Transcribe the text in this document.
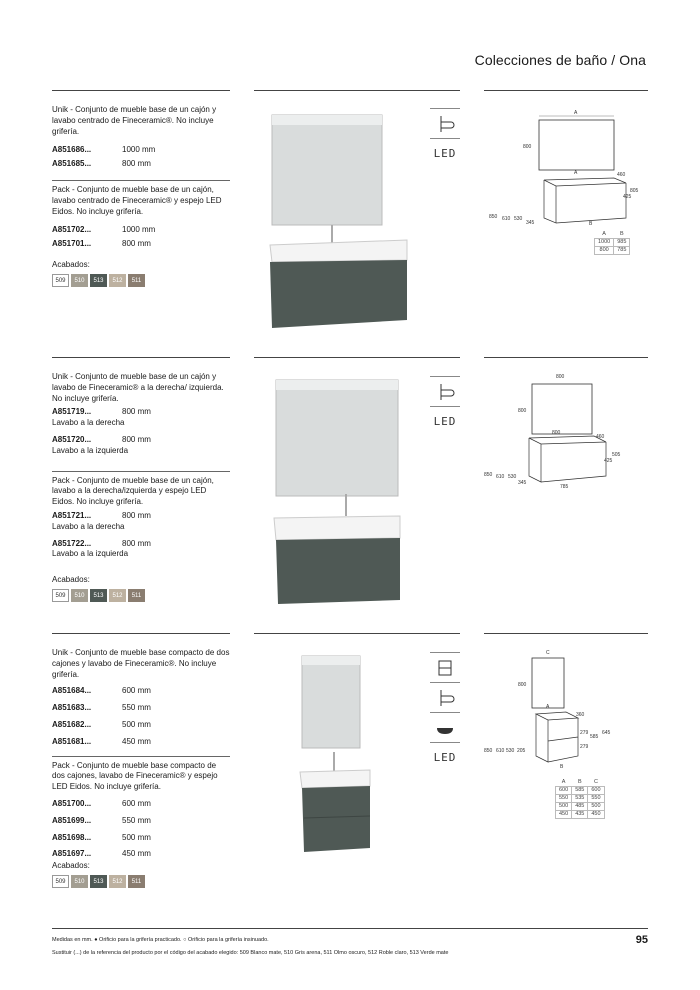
Colecciones de baño / Ona
Unik - Conjunto de mueble base de un cajón y lavabo centrado de Fineceramic®. No incluye grifería.
A851686...	1000 mm
A851685...	800 mm
Pack - Conjunto de mueble base de un cajón, lavabo centrado de Fineceramic® y espejo LED Eidos. No incluye grifería.
A851702...	1000 mm
A851701...	800 mm
Acabados:
509	510	513	512	511
LED
A
800
A	460
805
425
850 610 530
345	B
A	B
1000	985
800	785
Unik - Conjunto de mueble base de un cajón y lavabo de Fineceramic® a la derecha/ izquierda. No incluye grifería.
A851719...	800 mm
Lavabo a la derecha
A851720...	800 mm
Lavabo a la izquierda
Pack - Conjunto de mueble base de un cajón, lavabo a la derecha/izquierda y espejo LED Eidos. No incluye grifería.
A851721...	800 mm
Lavabo a la derecha
A851722...	800 mm
Lavabo a la izquierda
Acabados:
509	510	513	512	511
LED
800
800
800
460
505
425
850 610 530
345
785
Unik - Conjunto de mueble base compacto de dos cajones y lavabo de Fineceramic®. No incluye grifería.
A851684...	600 mm
A851683...	550 mm
A851682...	500 mm
A851681...	450 mm
Pack - Conjunto de mueble base compacto de dos cajones, lavabo de Fineceramic® y espejo LED Eidos. No incluye grifería.
A851700...	600 mm
A851699...	550 mm
A851698...	500 mm
A851697...	450 mm
Acabados:
509	510	513	512	511
LED
C
800
A
360
279
585
645
850 610 530 205
279
B
A	B	C
600	585	600
550	535	550
500	485	500
450	435	450
Medidas en mm. ● Orificio para la grifería practicado. ○ Orificio para la grifería insinuado.
Sustituir (...) de la referencia del producto por el código del acabado elegido: 509 Blanco mate, 510 Gris arena, 511 Olmo oscuro, 512 Roble claro, 513 Verde mate
95
